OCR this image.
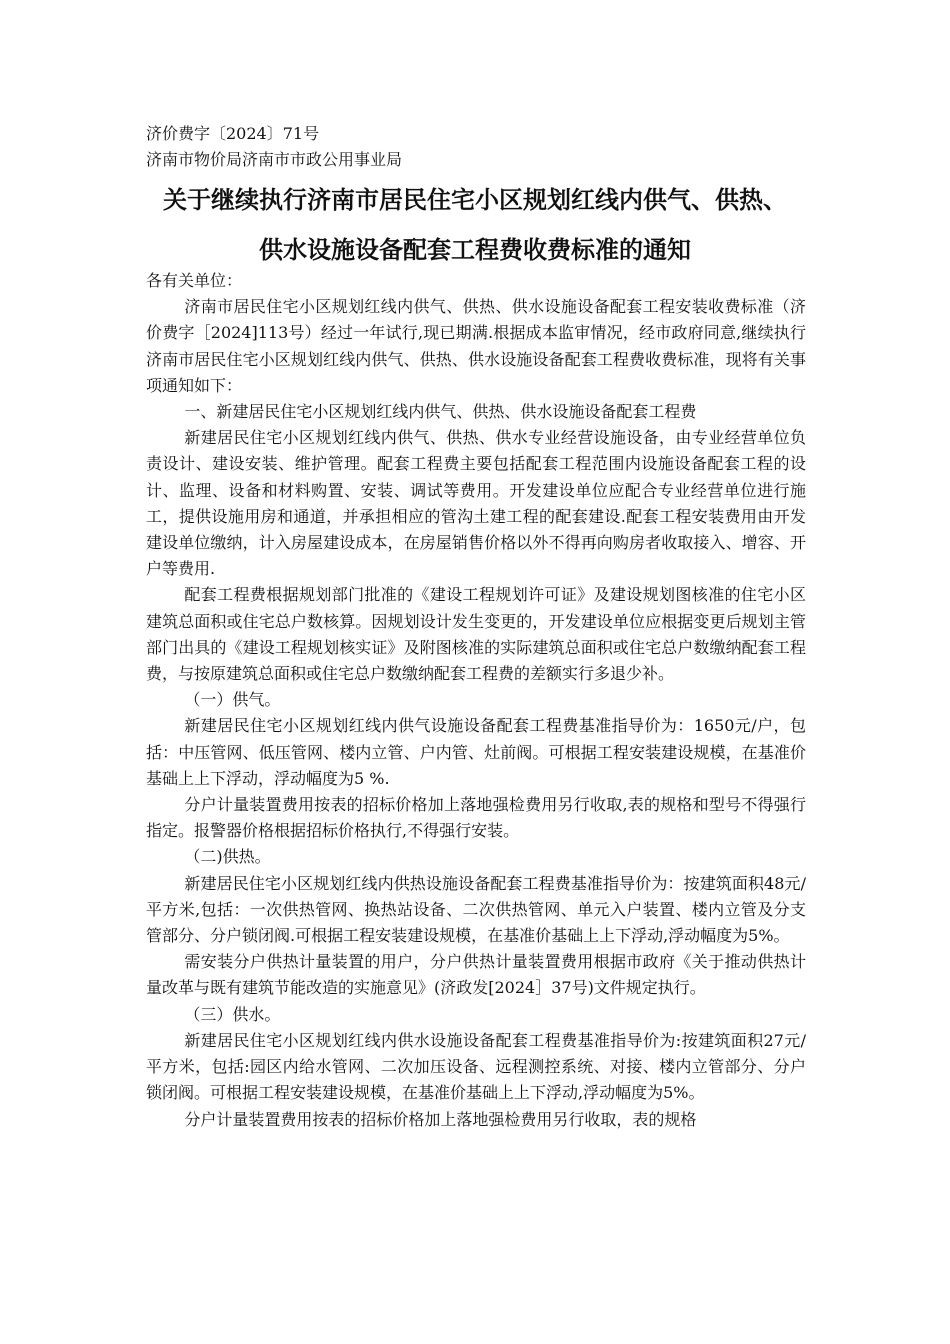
济价费字〔2024〕71号
济南市物价局济南市市政公用事业局
关于继续执行济南市居民住宅小区规划红线内供气、供热、
供水设施设备配套工程费收费标准的通知

各有关单位：

济南市居民住宅小区规划红线内供气、供热、供水设施设备配套工程安装收费标准（济价费字［2024]113号）经过一年试行,现已期满.根据成本监审情况，经市政府同意,继续执行济南市居民住宅小区规划红线内供气、供热、供水设施设备配套工程费收费标准，现将有关事项通知如下：

一、新建居民住宅小区规划红线内供气、供热、供水设施设备配套工程费

新建居民住宅小区规划红线内供气、供热、供水专业经营设施设备，由专业经营单位负责设计、建设安装、维护管理。配套工程费主要包括配套工程范围内设施设备配套工程的设计、监理、设备和材料购置、安装、调试等费用。开发建设单位应配合专业经营单位进行施工，提供设施用房和通道，并承担相应的管沟土建工程的配套建设.配套工程安装费用由开发建设单位缴纳，计入房屋建设成本，在房屋销售价格以外不得再向购房者收取接入、增容、开户等费用.

配套工程费根据规划部门批准的《建设工程规划许可证》及建设规划图核准的住宅小区建筑总面积或住宅总户数核算。因规划设计发生变更的，开发建设单位应根据变更后规划主管部门出具的《建设工程规划核实证》及附图核准的实际建筑总面积或住宅总户数缴纳配套工程费，与按原建筑总面积或住宅总户数缴纳配套工程费的差额实行多退少补。

（一）供气。

新建居民住宅小区规划红线内供气设施设备配套工程费基准指导价为：1650元/户，包括：中压管网、低压管网、楼内立管、户内管、灶前阀。可根据工程安装建设规模，在基准价基础上上下浮动，浮动幅度为5 %.

分户计量装置费用按表的招标价格加上落地强检费用另行收取,表的规格和型号不得强行指定。报警器价格根据招标价格执行,不得强行安装。

（二)供热。

新建居民住宅小区规划红线内供热设施设备配套工程费基准指导价为：按建筑面积48元/平方米,包括：一次供热管网、换热站设备、二次供热管网、单元入户装置、楼内立管及分支管部分、分户锁闭阀.可根据工程安装建设规模，在基准价基础上上下浮动,浮动幅度为5%。

需安装分户供热计量装置的用户，分户供热计量装置费用根据市政府《关于推动供热计量改革与既有建筑节能改造的实施意见》(济政发[2024］37号)文件规定执行。

（三）供水。

新建居民住宅小区规划红线内供水设施设备配套工程费基准指导价为:按建筑面积27元/平方米，包括:园区内给水管网、二次加压设备、远程测控系统、对接、楼内立管部分、分户锁闭阀。可根据工程安装建设规模，在基准价基础上上下浮动,浮动幅度为5%。

分户计量装置费用按表的招标价格加上落地强检费用另行收取，表的规格
